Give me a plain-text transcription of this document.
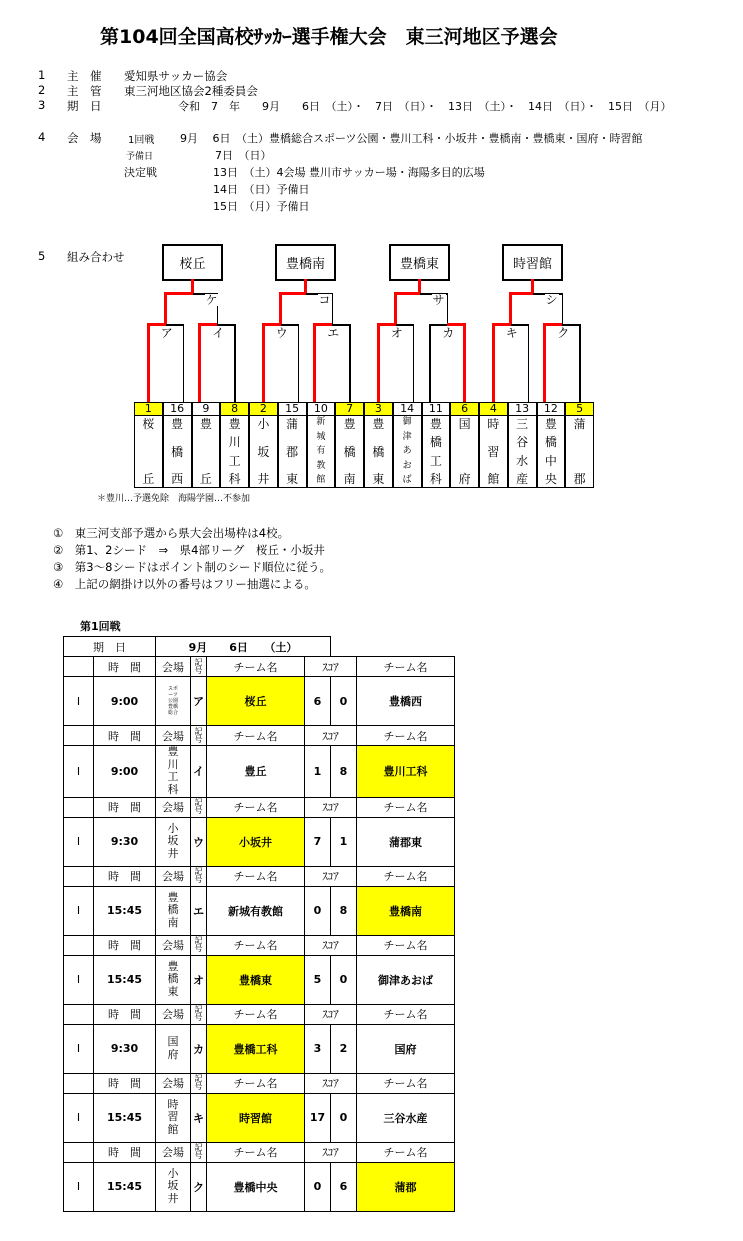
第104回全国高校ｻｯｶｰ選手権大会　東三河地区予選会
1 主　催 愛知県サッカー協会
2 主　管 東三河地区協会2種委員会
3 期　日	令和　7　年　　9月　　6日　（土）・　7日　（日）・　13日　（土）・　14日　（日）・　15日　（月）
4 会　場	1回戦 9月　 6日　（土）豊橋総合スポーツ公園・豊川工科・小坂井・豊橋南・豊橋東・国府・時習館
予備日	7日　（日）
決定戦	13日　（土）4会場 豊川市サッカー場・海陽多目的広場
14日　（日）予備日
15日　（月）予備日
5 組み合わせ	桜丘
ケ
ア	イ
豊橋南
コ
ウ	エ
豊橋東
サ
オ	カ
時習館
シ
キ	ク
1
桜
丘
16
豊
橋
西
9
豊
丘
8
豊
川
工
科
2
小
坂
井
15
蒲
郡
東
10
新
城
有
教
館
7
豊
橋
南
3
豊
橋
東
14
御
津
あ
お
ば
11
豊
橋
工
科
6
国
府
4
時
習
館
13
三
谷
水
産
12
豊
橋
中
央
5
蒲
郡
＊豊川…予選免除　海陽学園…不参加
①　東三河支部予選から県大会出場枠は4校。
②　第1、2シード　⇒　県4部リーグ　桜丘・小坂井
③　第3～8シードはポイント制のシード順位に従う。
④　上記の網掛け以外の番号はフリー抽選による。
第1回戦
期　日		9月　　6日　　（土）					
	時　間	会場	記号	チーム名	ｽｺｱ		チーム名
Ⅰ	9:00	スポーツ公園 豊橋総合	ア	桜丘	6	0	豊橋西
	時　間	会場	記号	チーム名	ｽｺｱ		チーム名
Ⅰ	9:00	豊川工科	イ	豊丘	1	8	豊川工科
	時　間	会場	記号	チーム名	ｽｺｱ		チーム名
Ⅰ	9:30	小坂井	ウ	小坂井	7	1	蒲郡東
	時　間	会場	記号	チーム名	ｽｺｱ		チーム名
Ⅰ	15:45	豊橋南	エ	新城有教館	0	8	豊橋南
	時　間	会場	記号	チーム名	ｽｺｱ		チーム名
Ⅰ	15:45	豊橋東	オ	豊橋東	5	0	御津あおば
	時　間	会場	記号	チーム名	ｽｺｱ		チーム名
Ⅰ	9:30	国府	カ	豊橋工科	3	2	国府
	時　間	会場	記号	チーム名	ｽｺｱ		チーム名
Ⅰ	15:45	時習館	キ	時習館	17	0	三谷水産
	時　間	会場	記号	チーム名	ｽｺｱ		チーム名
Ⅰ	15:45	小坂井	ク	豊橋中央	0	6	蒲郡
